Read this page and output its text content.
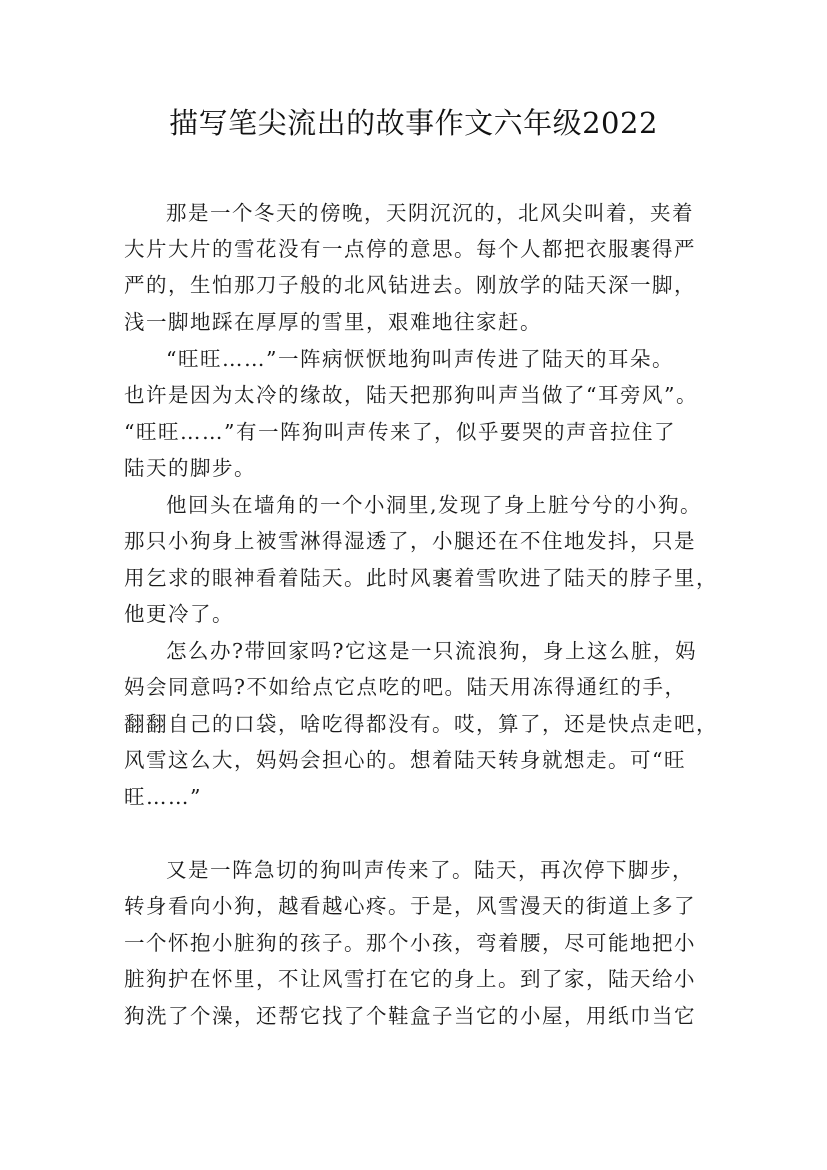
描写笔尖流出的故事作文六年级2022

那是一个冬天的傍晚，天阴沉沉的，北风尖叫着，夹着

大片大片的雪花没有一点停的意思。每个人都把衣服裹得严

严的，生怕那刀子般的北风钻进去。刚放学的陆天深一脚，

浅一脚地踩在厚厚的雪里，艰难地往家赶。

“旺旺……”一阵病恹恹地狗叫声传进了陆天的耳朵。

也许是因为太冷的缘故，陆天把那狗叫声当做了“耳旁风”。

“旺旺……”有一阵狗叫声传来了，似乎要哭的声音拉住了

陆天的脚步。

他回头在墙角的一个小洞里,发现了身上脏兮兮的小狗。

那只小狗身上被雪淋得湿透了，小腿还在不住地发抖，只是

用乞求的眼神看着陆天。此时风裹着雪吹进了陆天的脖子里，

他更冷了。

怎么办?带回家吗?它这是一只流浪狗，身上这么脏，妈

妈会同意吗?不如给点它点吃的吧。陆天用冻得通红的手，

翻翻自己的口袋，啥吃得都没有。哎，算了，还是快点走吧，

风雪这么大，妈妈会担心的。想着陆天转身就想走。可“旺

旺……”

又是一阵急切的狗叫声传来了。陆天，再次停下脚步，

转身看向小狗，越看越心疼。于是，风雪漫天的街道上多了

一个怀抱小脏狗的孩子。那个小孩，弯着腰，尽可能地把小

脏狗护在怀里，不让风雪打在它的身上。到了家，陆天给小

狗洗了个澡，还帮它找了个鞋盒子当它的小屋，用纸巾当它
